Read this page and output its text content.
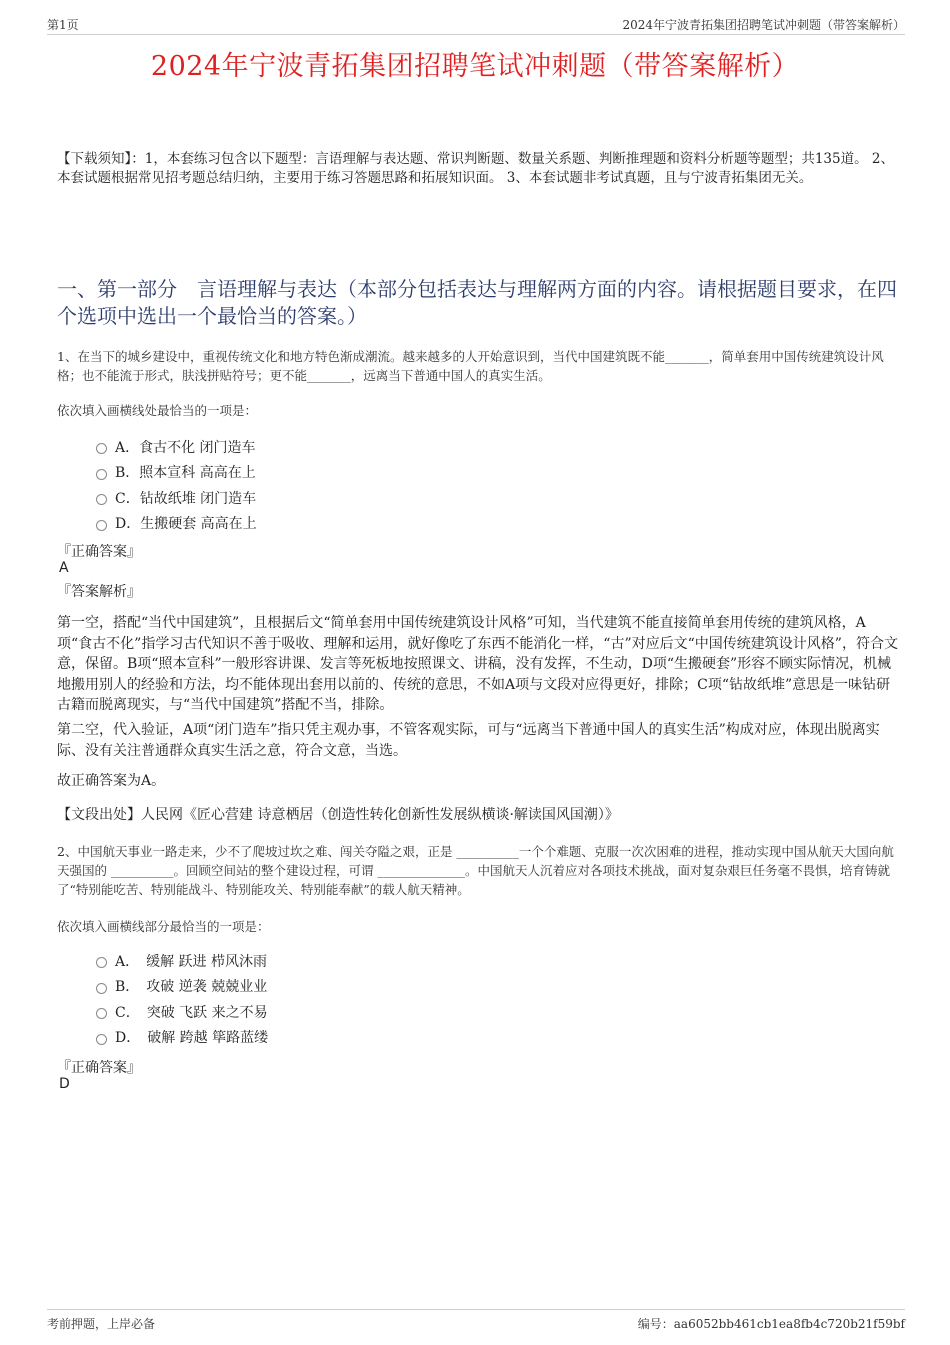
第1页	2024年宁波青拓集团招聘笔试冲刺题（带答案解析）
2024年宁波青拓集团招聘笔试冲刺题（带答案解析）
【下载须知】：1，本套练习包含以下题型：言语理解与表达题、常识判断题、数量关系题、判断推理题和资料分析题等题型；共135道。 2、本套试题根据常见招考题总结归纳，主要用于练习答题思路和拓展知识面。 3、本套试题非考试真题，且与宁波青拓集团无关。
一、第一部分　言语理解与表达（本部分包括表达与理解两方面的内容。请根据题目要求，在四个选项中选出一个最恰当的答案。）
1、在当下的城乡建设中，重视传统文化和地方特色渐成潮流。越来越多的人开始意识到，当代中国建筑既不能_______，简单套用中国传统建筑设计风格；也不能流于形式，肤浅拼贴符号；更不能_______，远离当下普通中国人的真实生活。
依次填入画横线处最恰当的一项是：
A．食古不化 闭门造车
B．照本宣科 高高在上
C．钻故纸堆 闭门造车
D．生搬硬套 高高在上
『正确答案』
A
『答案解析』
第一空，搭配“当代中国建筑”，且根据后文“简单套用中国传统建筑设计风格”可知，当代建筑不能直接简单套用传统的建筑风格，A项“食古不化”指学习古代知识不善于吸收、理解和运用，就好像吃了东西不能消化一样，“古”对应后文“中国传统建筑设计风格”，符合文意，保留。B项“照本宣科”一般形容讲课、发言等死板地按照课文、讲稿，没有发挥，不生动，D项“生搬硬套”形容不顾实际情况，机械地搬用别人的经验和方法，均不能体现出套用以前的、传统的意思，不如A项与文段对应得更好，排除；C项“钻故纸堆”意思是一味钻研古籍而脱离现实，与“当代中国建筑”搭配不当，排除。
第二空，代入验证，A项“闭门造车”指只凭主观办事，不管客观实际，可与“远离当下普通中国人的真实生活”构成对应，体现出脱离实际、没有关注普通群众真实生活之意，符合文意，当选。
故正确答案为A。
【文段出处】人民网《匠心营建 诗意栖居（创造性转化创新性发展纵横谈·解读国风国潮）》
2、中国航天事业一路走来，少不了爬坡过坎之难、闯关夺隘之艰，正是 __________一个个难题、克服一次次困难的进程，推动实现中国从航天大国向航天强国的 __________。回顾空间站的整个建设过程，可谓 ______________。中国航天人沉着应对各项技术挑战，面对复杂艰巨任务毫不畏惧，培育铸就了“特别能吃苦、特别能战斗、特别能攻关、特别能奉献”的载人航天精神。
依次填入画横线部分最恰当的一项是：
A．　缓解 跃进 栉风沐雨
B．　攻破 逆袭 兢兢业业
C．　突破 飞跃 来之不易
D．　破解 跨越 筚路蓝缕
『正确答案』
D
考前押题，上岸必备	编号：aa6052bb461cb1ea8fb4c720b21f59bf
